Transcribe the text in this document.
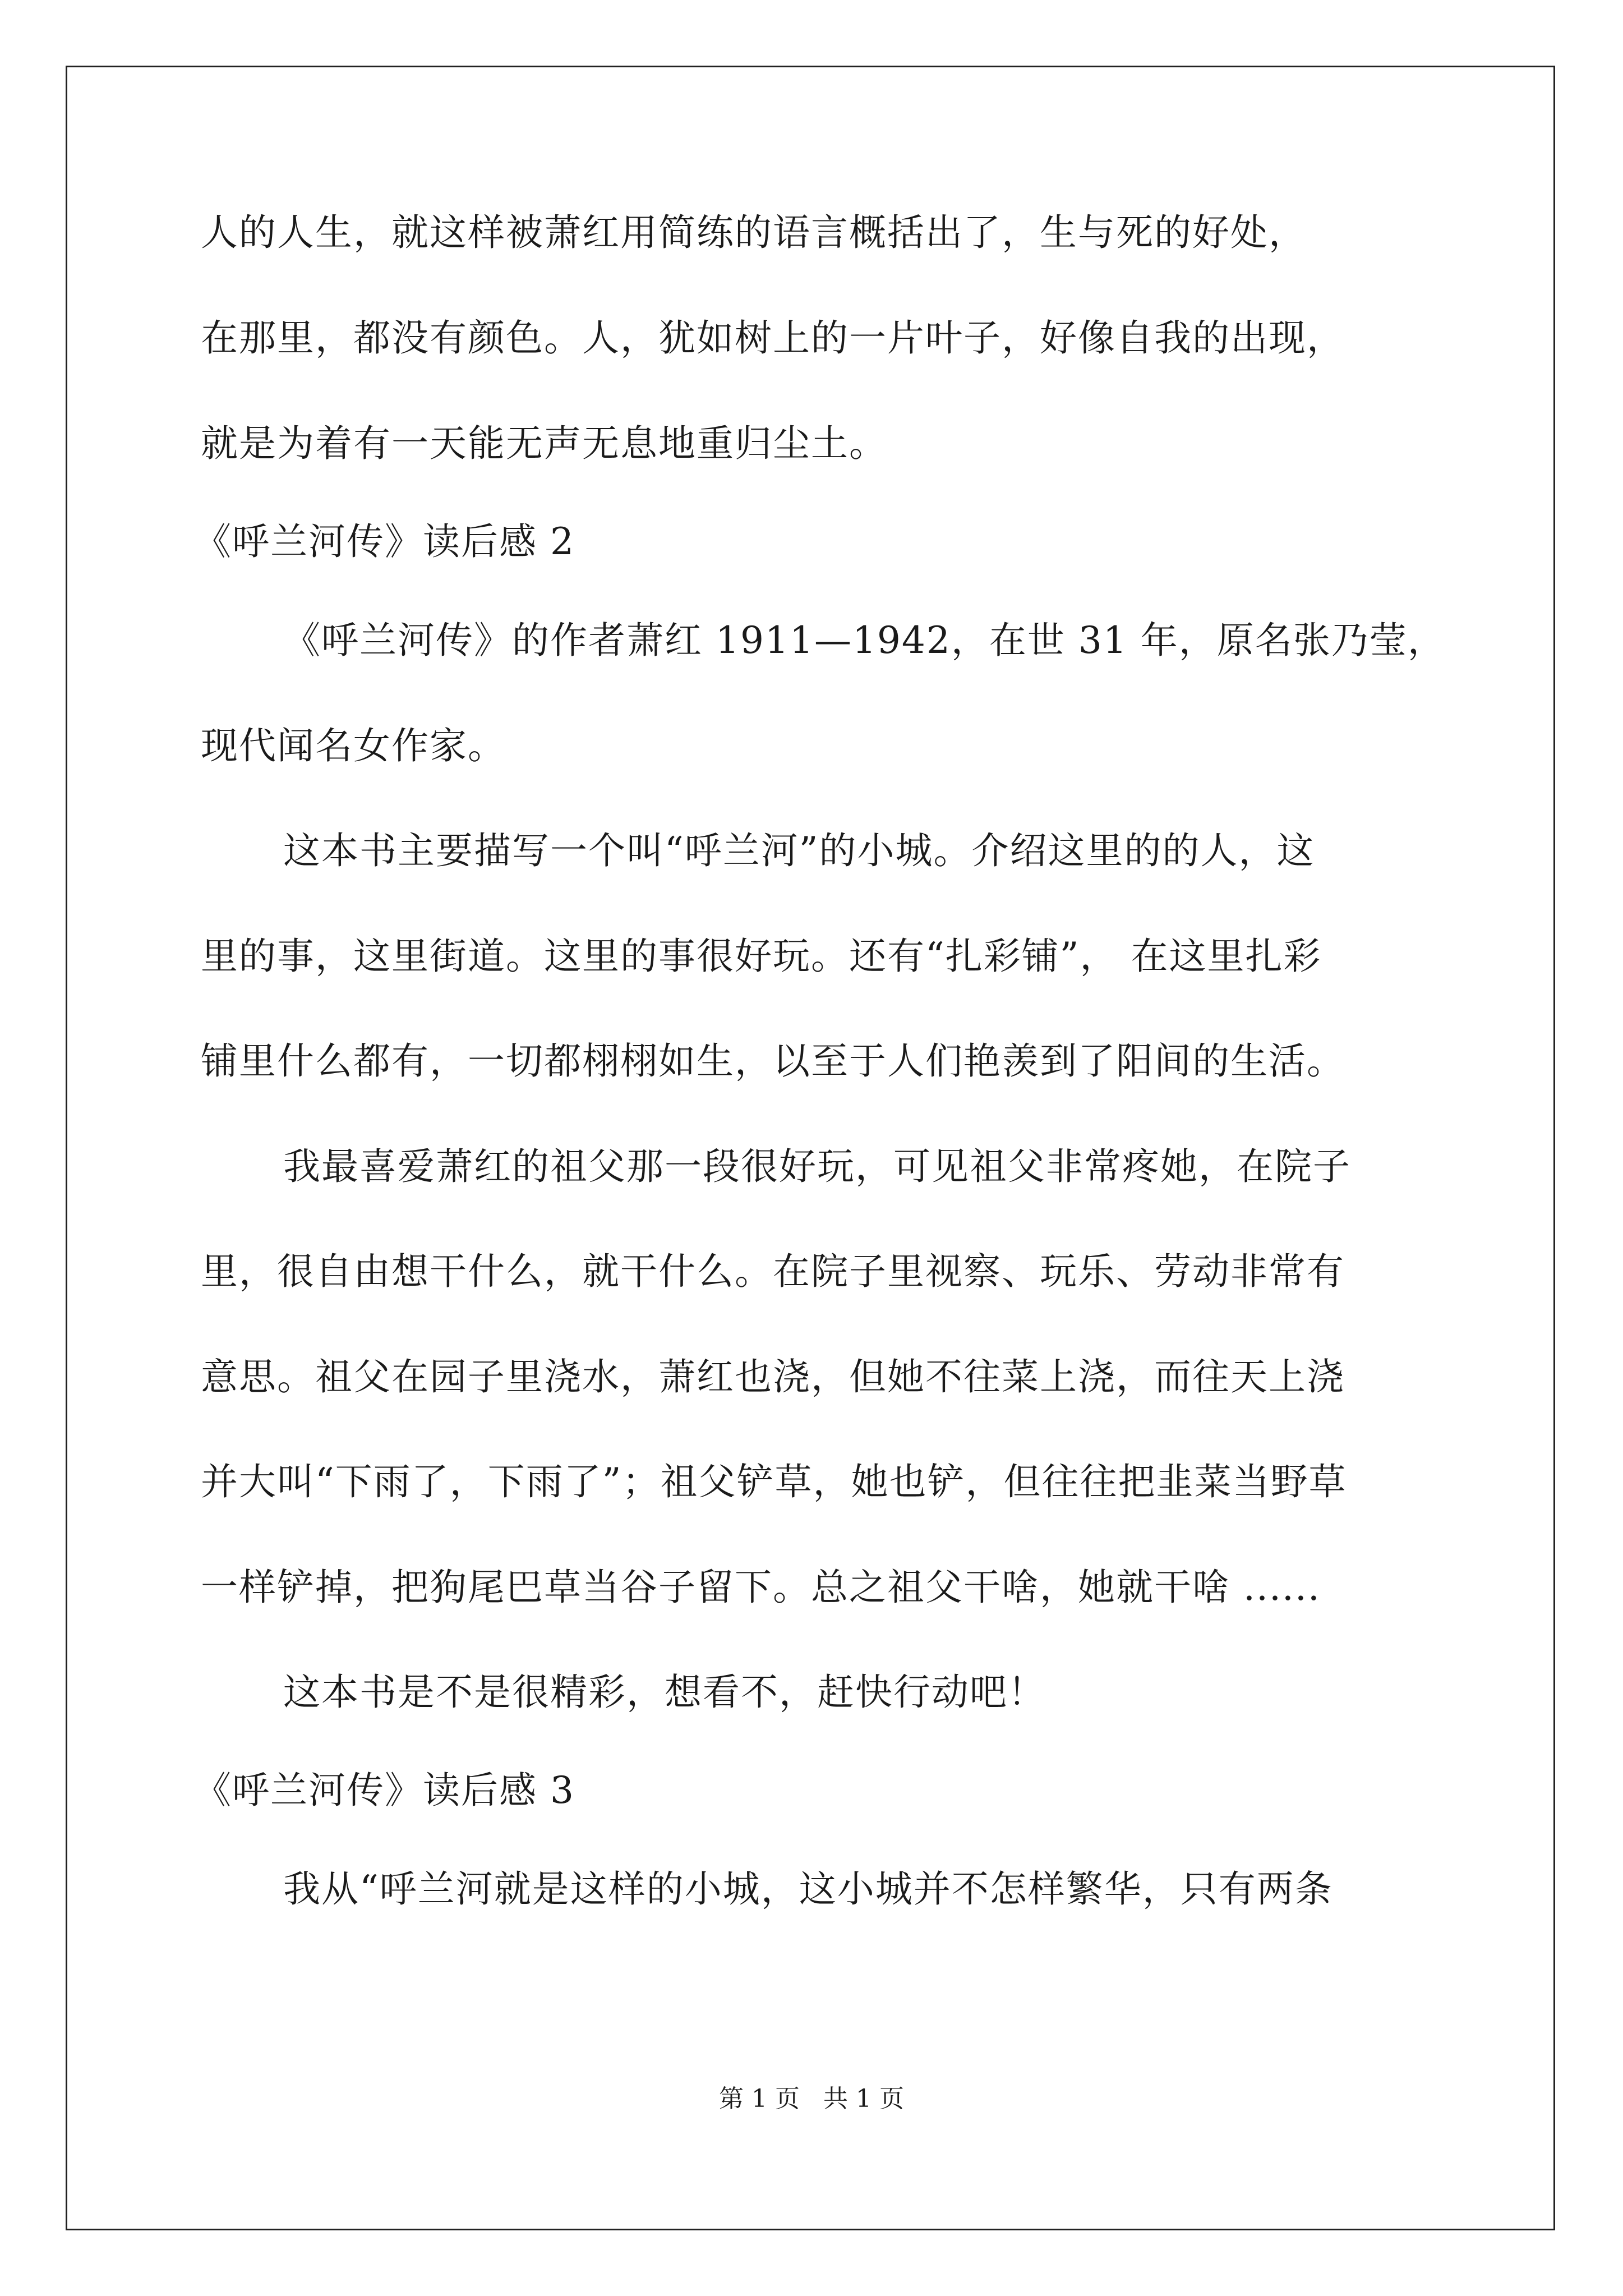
人的人生，就这样被萧红用简练的语言概括出了，生与死的好处，
在那里，都没有颜色。人，犹如树上的一片叶子，好像自我的出现，
就是为着有一天能无声无息地重归尘土。
《呼兰河传》读后感 2
《呼兰河传》的作者萧红 1911—1942，在世 31 年，原名张乃莹，
现代闻名女作家。
这本书主要描写一个叫“呼兰河”的小城。介绍这里的的人，这
里的事，这里街道。这里的事很好玩。还有“扎彩铺”， 在这里扎彩
铺里什么都有，一切都栩栩如生，以至于人们艳羡到了阳间的生活。
我最喜爱萧红的祖父那一段很好玩，可见祖父非常疼她，在院子
里，很自由想干什么，就干什么。在院子里视察、玩乐、劳动非常有
意思。祖父在园子里浇水，萧红也浇，但她不往菜上浇，而往天上浇
并大叫“下雨了，下雨了”；祖父铲草，她也铲，但往往把韭菜当野草
一样铲掉，把狗尾巴草当谷子留下。总之祖父干啥，她就干啥 ......
这本书是不是很精彩，想看不，赶快行动吧！
《呼兰河传》读后感 3
我从“呼兰河就是这样的小城，这小城并不怎样繁华，只有两条
第 1 页   共 1 页
